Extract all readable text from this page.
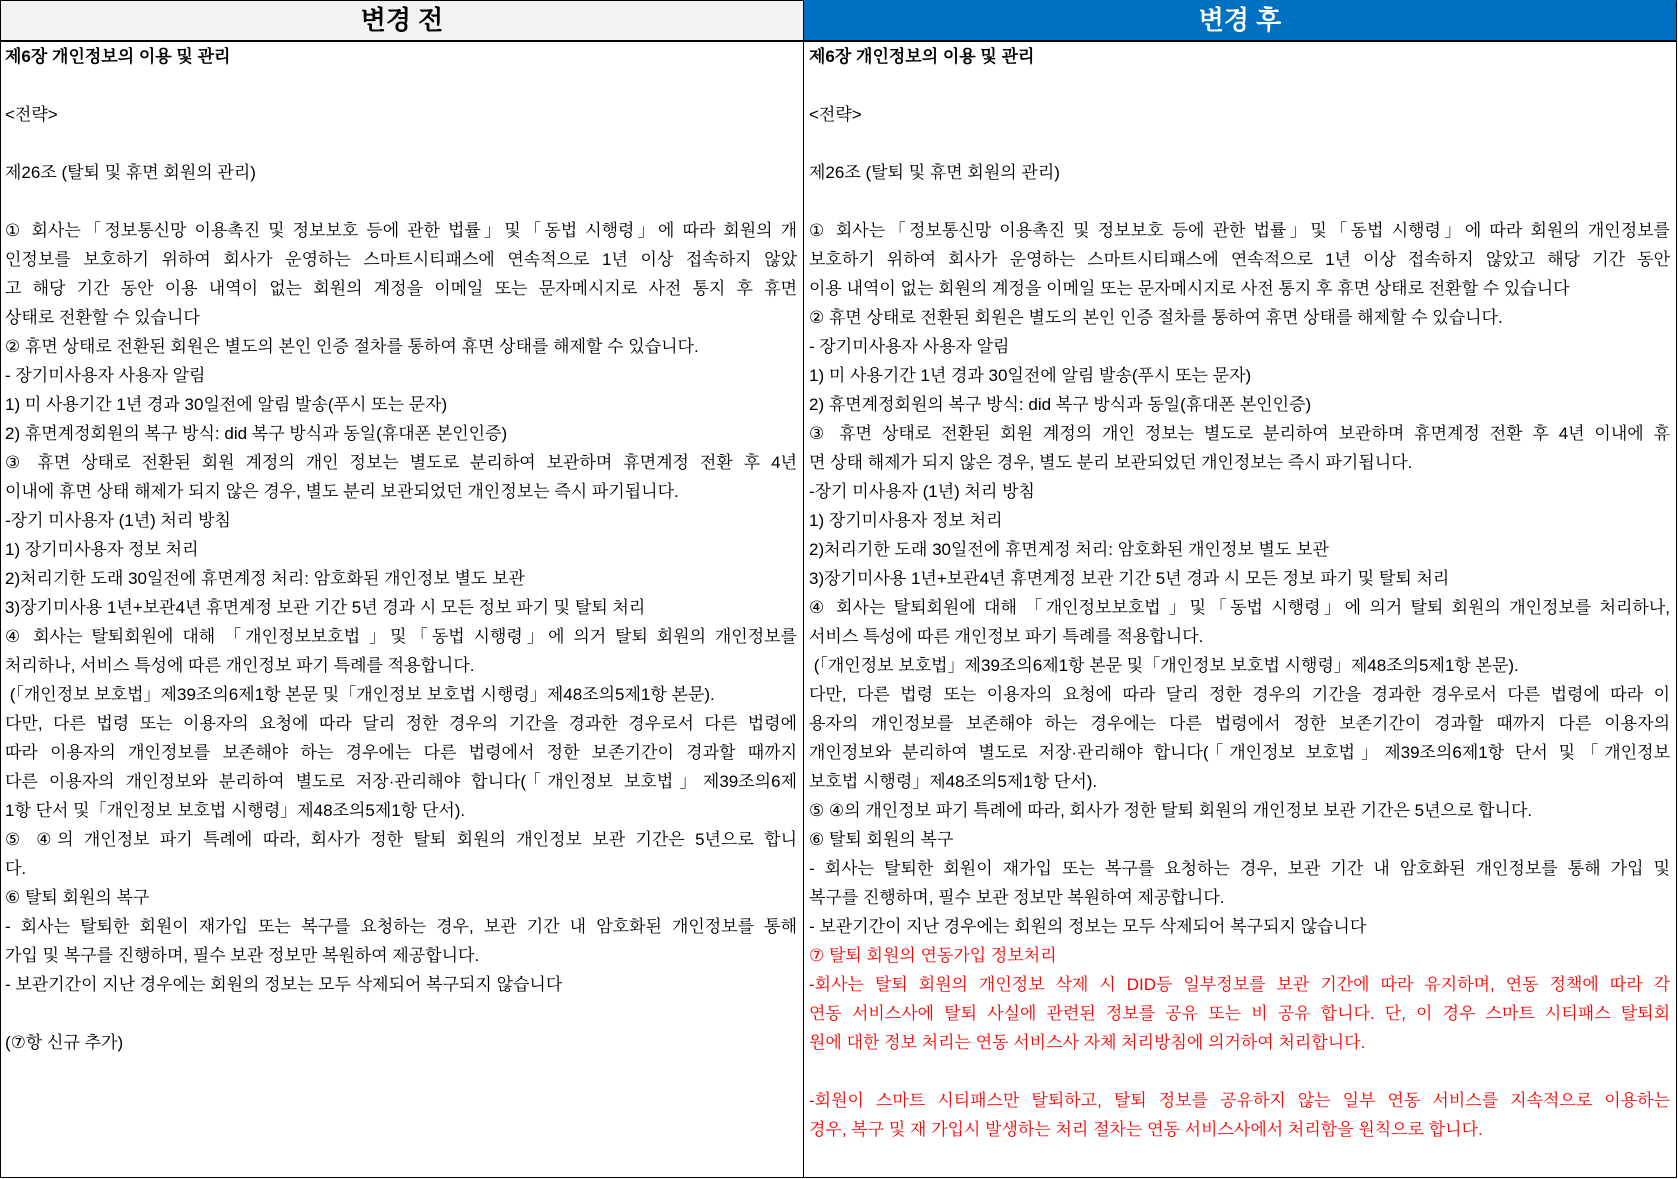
변경 전	변경 후
제6장 개인정보의 이용 및 관리
<전략>
제26조 (탈퇴 및 휴면 회원의 관리)
① 회사는「정보통신망 이용촉진 및 정보보호 등에 관한 법률」및「동법 시행령」에 따라 회원의 개
인정보를 보호하기 위하여 회사가 운영하는 스마트시티패스에 연속적으로 1년 이상 접속하지 않았
고 해당 기간 동안 이용 내역이 없는 회원의 계정을 이메일 또는 문자메시지로 사전 통지 후 휴면
상태로 전환할 수 있습니다
② 휴면 상태로 전환된 회원은 별도의 본인 인증 절차를 통하여 휴면 상태를 해제할 수 있습니다.
- 장기미사용자 사용자 알림
1) 미 사용기간 1년 경과 30일전에 알림 발송(푸시 또는 문자)
2) 휴면계정회원의 복구 방식: did 복구 방식과 동일(휴대폰 본인인증)
③ 휴면 상태로 전환된 회원 계정의 개인 정보는 별도로 분리하여 보관하며 휴면계정 전환 후 4년
이내에 휴면 상태 해제가 되지 않은 경우, 별도 분리 보관되었던 개인정보는 즉시 파기됩니다.
-장기 미사용자 (1년) 처리 방침
1) 장기미사용자 정보 처리
2)처리기한 도래 30일전에 휴면계정 처리: 암호화된 개인정보 별도 보관
3)장기미사용 1년+보관4년 휴면계정 보관 기간 5년 경과 시 모든 정보 파기 및 탈퇴 처리
④ 회사는 탈퇴회원에 대해 「개인정보보호법 」및「동법 시행령」에 의거 탈퇴 회원의 개인정보를
처리하나, 서비스 특성에 따른 개인정보 파기 특례를 적용합니다.
(「개인정보 보호법」제39조의6제1항 본문 및「개인정보 보호법 시행령」제48조의5제1항 본문).
다만, 다른 법령 또는 이용자의 요청에 따라 달리 정한 경우의 기간을 경과한 경우로서 다른 법령에
따라 이용자의 개인정보를 보존해야 하는 경우에는 다른 법령에서 정한 보존기간이 경과할 때까지
다른 이용자의 개인정보와 분리하여 별도로 저장·관리해야 합니다(「개인정보 보호법」제39조의6제
1항 단서 및「개인정보 보호법 시행령」제48조의5제1항 단서).
⑤ ④의 개인정보 파기 특례에 따라, 회사가 정한 탈퇴 회원의 개인정보 보관 기간은 5년으로 합니
다.
⑥ 탈퇴 회원의 복구
- 회사는 탈퇴한 회원이 재가입 또는 복구를 요청하는 경우, 보관 기간 내 암호화된 개인정보를 통해
가입 및 복구를 진행하며, 필수 보관 정보만 복원하여 제공합니다.
- 보관기간이 지난 경우에는 회원의 정보는 모두 삭제되어 복구되지 않습니다
(⑦항 신규 추가)
제6장 개인정보의 이용 및 관리
<전략>
제26조 (탈퇴 및 휴면 회원의 관리)
① 회사는「정보통신망 이용촉진 및 정보보호 등에 관한 법률」및「동법 시행령」에 따라 회원의 개인정보를
보호하기 위하여 회사가 운영하는 스마트시티패스에 연속적으로 1년 이상 접속하지 않았고 해당 기간 동안
이용 내역이 없는 회원의 계정을 이메일 또는 문자메시지로 사전 통지 후 휴면 상태로 전환할 수 있습니다
② 휴면 상태로 전환된 회원은 별도의 본인 인증 절차를 통하여 휴면 상태를 해제할 수 있습니다.
- 장기미사용자 사용자 알림
1) 미 사용기간 1년 경과 30일전에 알림 발송(푸시 또는 문자)
2) 휴면계정회원의 복구 방식: did 복구 방식과 동일(휴대폰 본인인증)
③ 휴면 상태로 전환된 회원 계정의 개인 정보는 별도로 분리하여 보관하며 휴면계정 전환 후 4년 이내에 휴
면 상태 해제가 되지 않은 경우, 별도 분리 보관되었던 개인정보는 즉시 파기됩니다.
-장기 미사용자 (1년) 처리 방침
1) 장기미사용자 정보 처리
2)처리기한 도래 30일전에 휴면계정 처리: 암호화된 개인정보 별도 보관
3)장기미사용 1년+보관4년 휴면계정 보관 기간 5년 경과 시 모든 정보 파기 및 탈퇴 처리
④ 회사는 탈퇴회원에 대해 「개인정보보호법 」및「동법 시행령」에 의거 탈퇴 회원의 개인정보를 처리하나,
서비스 특성에 따른 개인정보 파기 특례를 적용합니다.
(「개인정보 보호법」제39조의6제1항 본문 및「개인정보 보호법 시행령」제48조의5제1항 본문).
다만, 다른 법령 또는 이용자의 요청에 따라 달리 정한 경우의 기간을 경과한 경우로서 다른 법령에 따라 이
용자의 개인정보를 보존해야 하는 경우에는 다른 법령에서 정한 보존기간이 경과할 때까지 다른 이용자의
개인정보와 분리하여 별도로 저장·관리해야 합니다(「개인정보 보호법」제39조의6제1항 단서 및「개인정보
보호법 시행령」제48조의5제1항 단서).
⑤ ④의 개인정보 파기 특례에 따라, 회사가 정한 탈퇴 회원의 개인정보 보관 기간은 5년으로 합니다.
⑥ 탈퇴 회원의 복구
- 회사는 탈퇴한 회원이 재가입 또는 복구를 요청하는 경우, 보관 기간 내 암호화된 개인정보를 통해 가입 및
복구를 진행하며, 필수 보관 정보만 복원하여 제공합니다.
- 보관기간이 지난 경우에는 회원의 정보는 모두 삭제되어 복구되지 않습니다
⑦ 탈퇴 회원의 연동가입 정보처리
-회사는 탈퇴 회원의 개인정보 삭제 시 DID등 일부정보를 보관 기간에 따라 유지하며, 연동 정책에 따라 각
연동 서비스사에 탈퇴 사실에 관련된 정보를 공유 또는 비 공유 합니다. 단, 이 경우 스마트 시티패스 탈퇴회
원에 대한 정보 처리는 연동 서비스사 자체 처리방침에 의거하여 처리합니다.
-회원이 스마트 시티패스만 탈퇴하고, 탈퇴 정보를 공유하지 않는 일부 연동 서비스를 지속적으로 이용하는
경우, 복구 및 재 가입시 발생하는 처리 절차는 연동 서비스사에서 처리함을 원칙으로 합니다.
